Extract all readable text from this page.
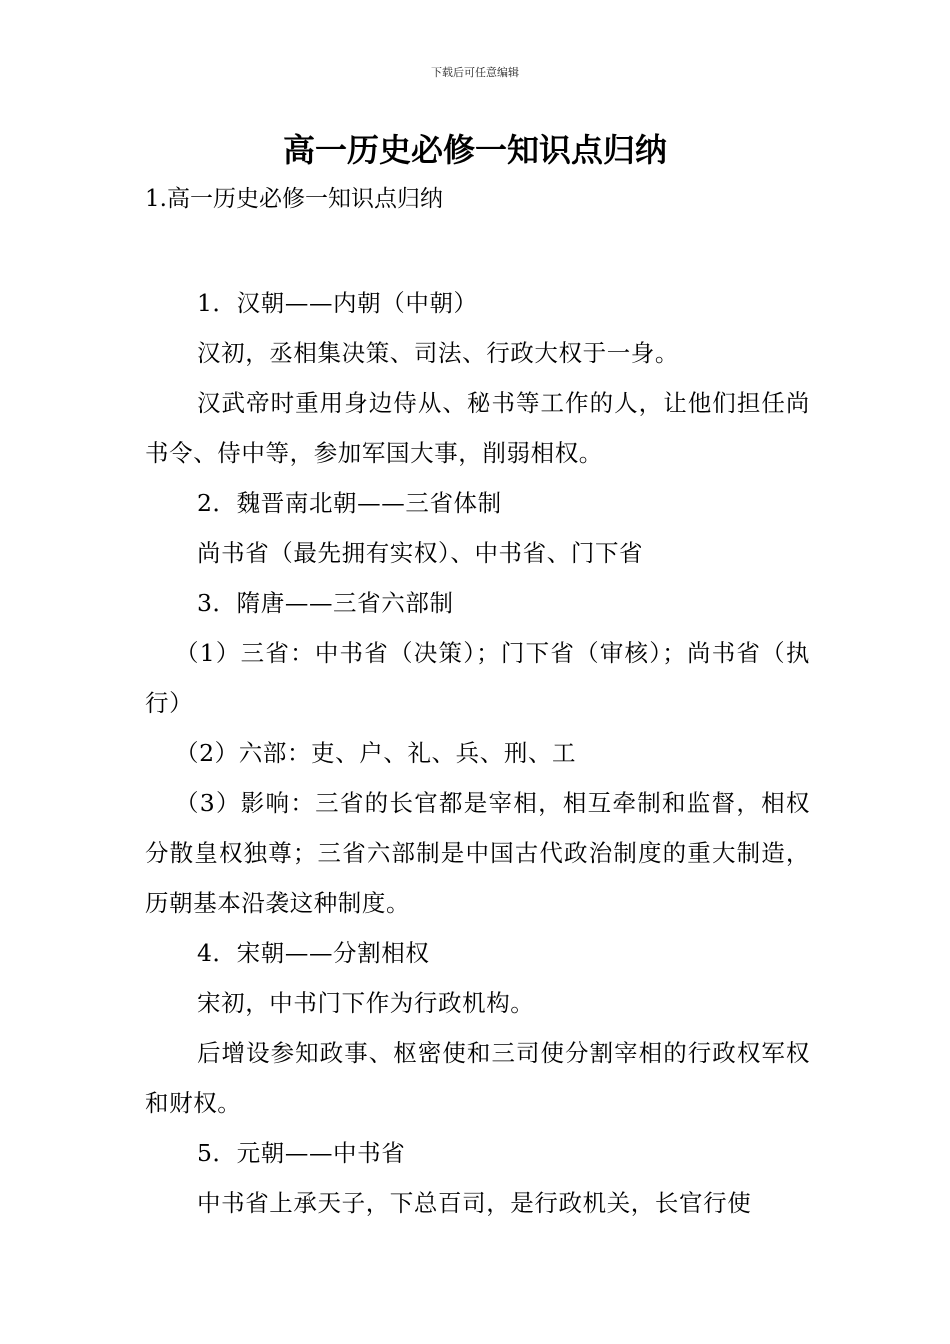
下载后可任意编辑
高一历史必修一知识点归纳

1.高一历史必修一知识点归纳

1．汉朝——内朝（中朝）

汉初，丞相集决策、司法、行政大权于一身。

汉武帝时重用身边侍从、秘书等工作的人，让他们担任尚书令、侍中等，参加军国大事，削弱相权。

2．魏晋南北朝——三省体制

尚书省（最先拥有实权）、中书省、门下省

3．隋唐——三省六部制

（1）三省：中书省（决策）；门下省（审核）；尚书省（执行）

（2）六部：吏、户、礼、兵、刑、工

（3）影响：三省的长官都是宰相，相互牵制和监督，相权分散皇权独尊；三省六部制是中国古代政治制度的重大制造，历朝基本沿袭这种制度。

4．宋朝——分割相权

宋初，中书门下作为行政机构。

后增设参知政事、枢密使和三司使分割宰相的行政权军权和财权。

5．元朝——中书省

中书省上承天子，下总百司，是行政机关，长官行使
